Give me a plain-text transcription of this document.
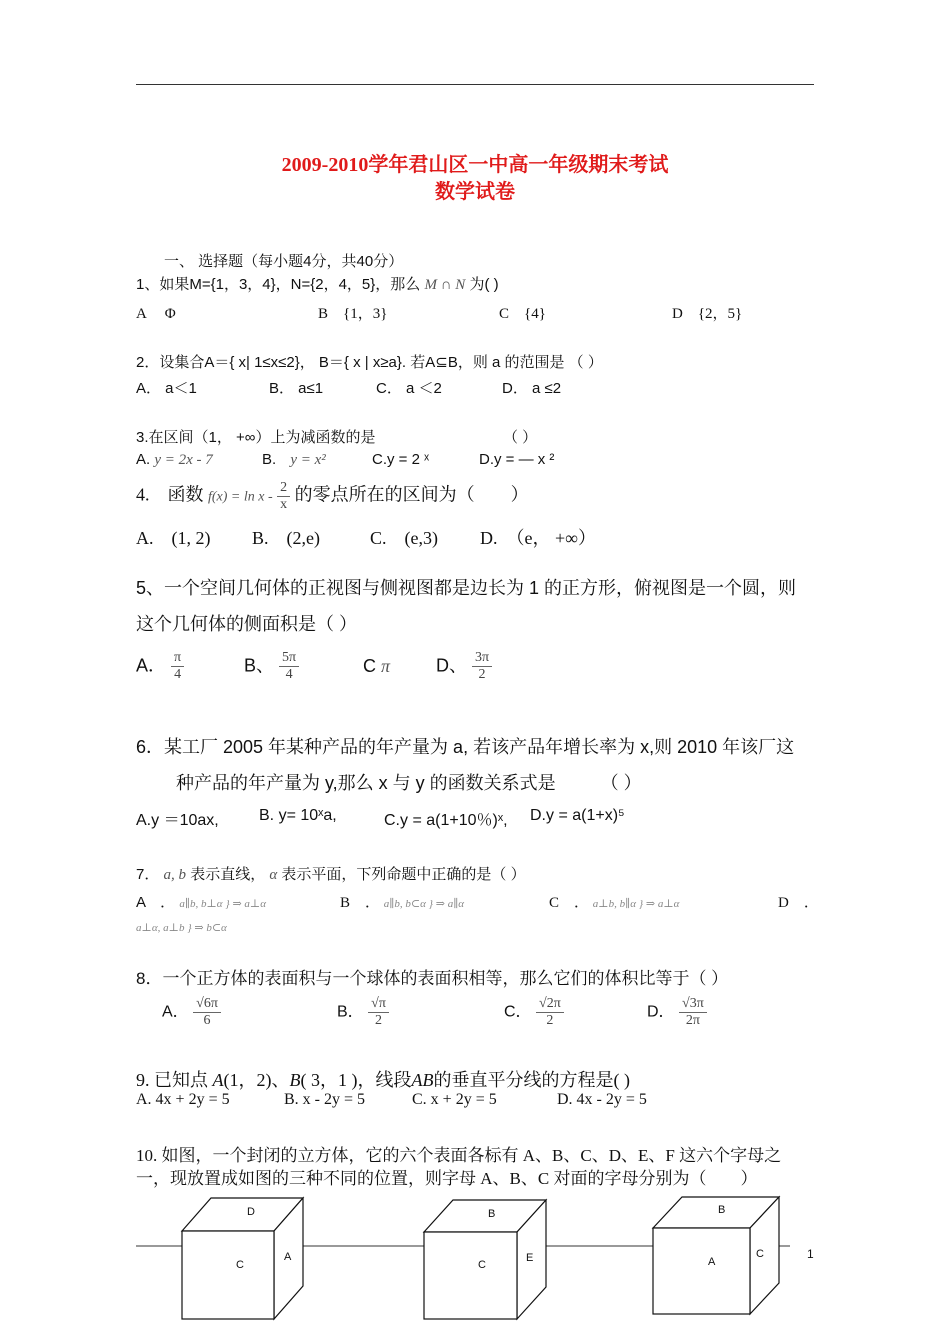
2009-2010学年君山区一中高一年级期末考试
数学试卷
一、 选择题（每小题4分，共40分）
1、如果M={1，3，4}，N={2，4，5}，那么 M ∩ N 为( )
A　 Φ	B　{1，3}	C　{4}	D　{2，5}
2．设集合A＝{ x| 1≤x≤2}， B＝{ x | x≥a}. 若A⊆B，则 a 的范围是 （ ）
A． a＜1	B． a≤1	C． a ＜2	D． a ≤2
3.在区间（1， +∞）上为减函数的是	（ ）
A. y = 2x - 7	B. y = x²	C.y = 2 ˣ	D.y = ― x ²
4.　函数 $f(x) = \ln x - \frac{2}{x}$ 的零点所在的区间为（　　）
A.　(1, 2) B.　(2,e)	C.　(e,3) D.　（e， +∞）
5、一个空间几何体的正视图与侧视图都是边长为 1 的正方形，俯视图是一个圆，则
这个几何体的侧面积是（ ）
A． $\frac{\pi}{4}$	B、 $\frac{5\pi}{4}$	C π	D、 $\frac{3\pi}{2}$
6．某工厂 2005 年某种产品的年产量为 a, 若该产品年增长率为 x,则 2010 年该厂这
种产品的年产量为 y,那么 x 与 y 的函数关系式是　　　（ ）
A.y ＝10ax,	B. y= 10ˣa,	C.y = a(1+10％)ˣ, D.y = a(1+x)⁵
7． a, b 表示直线， α 表示平面，下列命题中正确的是（ ）
A　． a∥b, b⊥α } ⇒ a⊥α	B　． a∥b, b⊂α } ⇒ a∥α	C　． a⊥b, b∥α } ⇒ a⊥α	D　．
a⊥α, a⊥b } ⇒ b⊂α
8．一个正方体的表面积与一个球体的表面积相等，那么它们的体积比等于（ ）
A． $\frac{√6\pi}{6}$	B． $\frac{√\pi}{2}$	C． $\frac{√2\pi}{2}$	D． $\frac{√3\pi}{2\pi}$
9. 已知点 A(1，2)、B( 3，1 )，线段AB的垂直平分线的方程是( )
A. 4x + 2y = 5	B. x - 2y = 5	C. x + 2y = 5	D. 4x - 2y = 5
10. 如图，一个封闭的立方体，它的六个表面各标有 A、B、C、D、E、F 这六个字母之
一，现放置成如图的三种不同的位置，则字母 A、B、C 对面的字母分别为（　　）
D
C
A
B
C
E
B
A
C	1
